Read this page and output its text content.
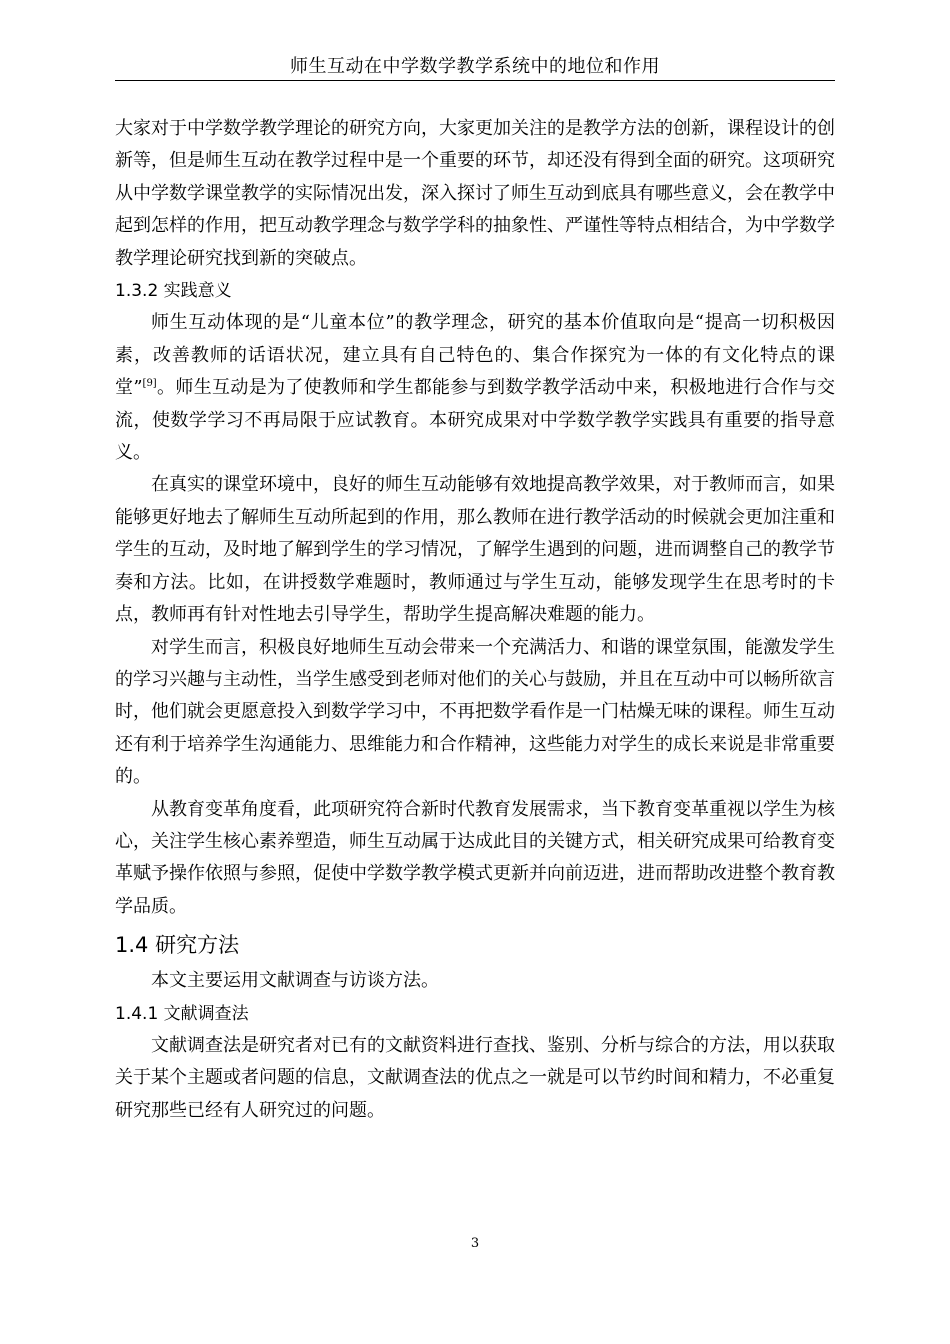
师生互动在中学数学教学系统中的地位和作用

大家对于中学数学教学理论的研究方向，大家更加关注的是教学方法的创新，课程设计的创新等，但是师生互动在教学过程中是一个重要的环节，却还没有得到全面的研究。这项研究从中学数学课堂教学的实际情况出发，深入探讨了师生互动到底具有哪些意义，会在教学中起到怎样的作用，把互动教学理念与数学学科的抽象性、严谨性等特点相结合，为中学数学教学理论研究找到新的突破点。

1.3.2 实践意义

师生互动体现的是“儿童本位”的教学理念，研究的基本价值取向是“提高一切积极因素，改善教师的话语状况，建立具有自己特色的、集合作探究为一体的有文化特点的课堂”[9]。师生互动是为了使教师和学生都能参与到数学教学活动中来，积极地进行合作与交流，使数学学习不再局限于应试教育。本研究成果对中学数学教学实践具有重要的指导意义。

在真实的课堂环境中，良好的师生互动能够有效地提高教学效果，对于教师而言，如果能够更好地去了解师生互动所起到的作用，那么教师在进行教学活动的时候就会更加注重和学生的互动，及时地了解到学生的学习情况，了解学生遇到的问题，进而调整自己的教学节奏和方法。比如，在讲授数学难题时，教师通过与学生互动，能够发现学生在思考时的卡点，教师再有针对性地去引导学生，帮助学生提高解决难题的能力。

对学生而言，积极良好地师生互动会带来一个充满活力、和谐的课堂氛围，能激发学生的学习兴趣与主动性，当学生感受到老师对他们的关心与鼓励，并且在互动中可以畅所欲言时，他们就会更愿意投入到数学学习中，不再把数学看作是一门枯燥无味的课程。师生互动还有利于培养学生沟通能力、思维能力和合作精神，这些能力对学生的成长来说是非常重要的。

从教育变革角度看，此项研究符合新时代教育发展需求，当下教育变革重视以学生为核心，关注学生核心素养塑造，师生互动属于达成此目的关键方式，相关研究成果可给教育变革赋予操作依照与参照，促使中学数学教学模式更新并向前迈进，进而帮助改进整个教育教学品质。

1.4 研究方法

本文主要运用文献调查与访谈方法。

1.4.1 文献调查法

文献调查法是研究者对已有的文献资料进行查找、鉴别、分析与综合的方法，用以获取关于某个主题或者问题的信息，文献调查法的优点之一就是可以节约时间和精力，不必重复研究那些已经有人研究过的问题。

3
